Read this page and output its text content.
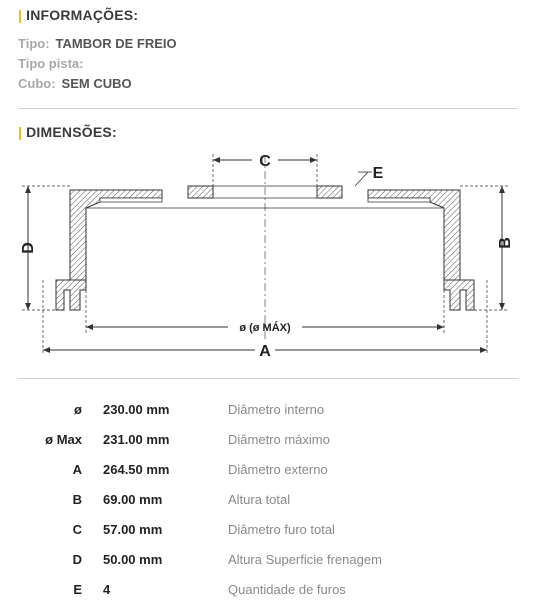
| INFORMAÇÕES:
Tipo: TAMBOR DE FREIO
Tipo pista:
Cubo: SEM CUBO
| DIMENSÕES:
C
E
D	B
ø (ø MÁX)
A
ø 230.00 mm	Diâmetro interno
ø Max 231.00 mm	Diâmetro máximo
A 264.50 mm	Diâmetro externo
B 69.00 mm	Altura total
C 57.00 mm	Diâmetro furo total
D 50.00 mm	Altura Superficie frenagem
E 4	Quantidade de furos
